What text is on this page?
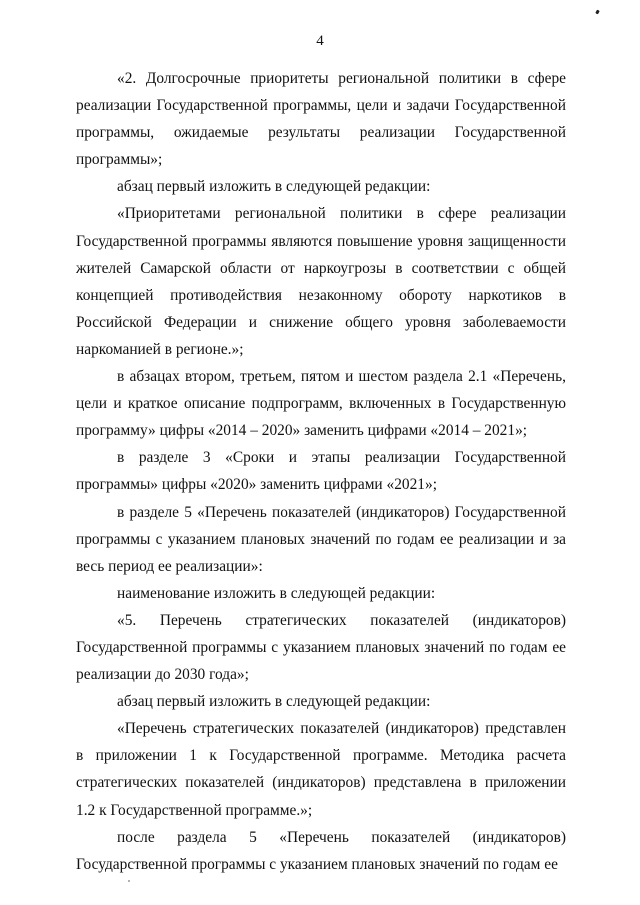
4

«2. Долгосрочные приоритеты региональной политики в сфере реализации Государственной программы, цели и задачи Государственной программы, ожидаемые результаты реализации Государственной программы»;

абзац первый изложить в следующей редакции:

«Приоритетами региональной политики в сфере реализации Государственной программы являются повышение уровня защищенности жителей Самарской области от наркоугрозы в соответствии с общей концепцией противодействия незаконному обороту наркотиков в Российской Федерации и снижение общего уровня заболеваемости наркоманией в регионе.»;

в абзацах втором, третьем, пятом и шестом раздела 2.1 «Перечень, цели и краткое описание подпрограмм, включенных в Государственную программу» цифры «2014 – 2020» заменить цифрами «2014 – 2021»;

в разделе 3 «Сроки и этапы реализации Государственной программы» цифры «2020» заменить цифрами «2021»;

в разделе 5 «Перечень показателей (индикаторов) Государственной программы с указанием плановых значений по годам ее реализации и за весь период ее реализации»:

наименование изложить в следующей редакции:

«5. Перечень стратегических показателей (индикаторов) Государственной программы с указанием плановых значений по годам ее реализации до 2030 года»;

абзац первый изложить в следующей редакции:

«Перечень стратегических показателей (индикаторов) представлен в приложении 1 к Государственной программе. Методика расчета стратегических показателей (индикаторов) представлена в приложении 1.2 к Государственной программе.»;

после раздела 5 «Перечень показателей (индикаторов) Государственной программы с указанием плановых значений по годам ее
